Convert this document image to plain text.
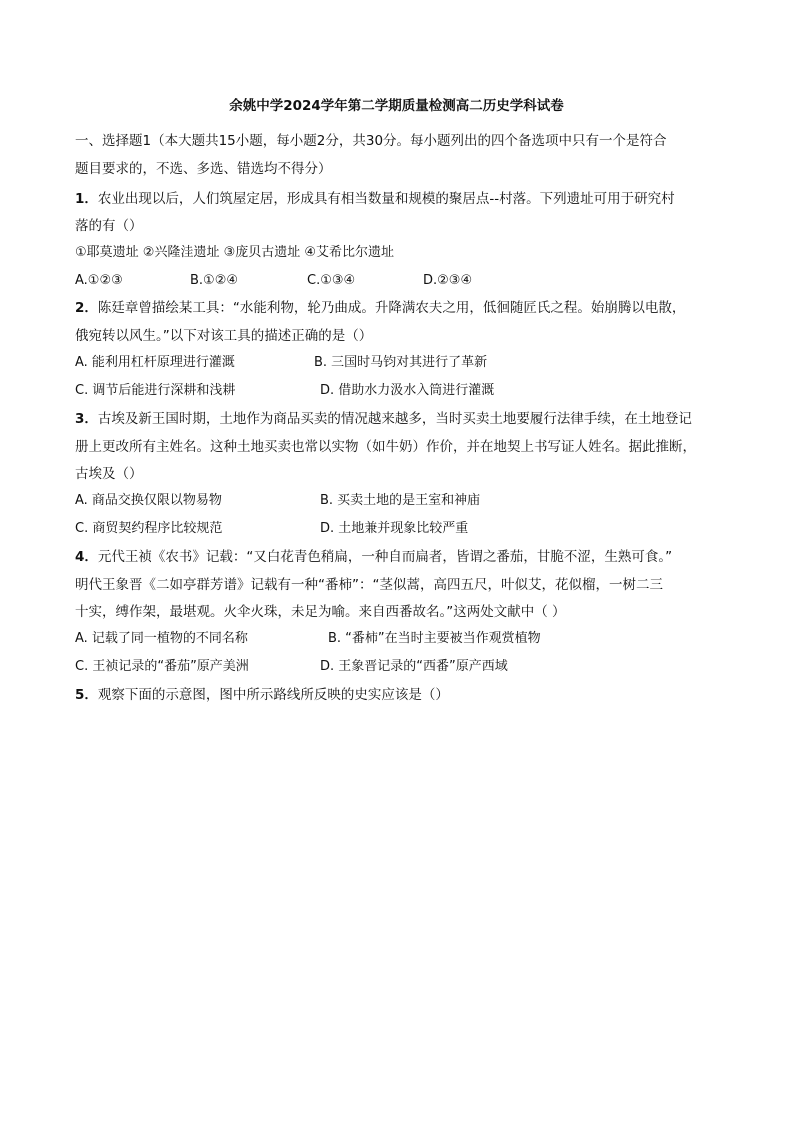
余姚中学2024学年第二学期质量检测高二历史学科试卷
一、选择题1（本大题共15小题，每小题2分，共30分。每小题列出的四个备选项中只有一个是符合
题目要求的，不选、多选、错选均不得分）
1．农业出现以后，人们筑屋定居，形成具有相当数量和规模的聚居点--村落。下列遗址可用于研究村
落的有（）
①耶莫遗址 ②兴隆洼遗址 ③庞贝古遗址 ④艾希比尔遗址
A.①②③	B.①②④	C.①③④	D.②③④
2．陈廷章曾描绘某工具：“水能利物，轮乃曲成。升降满农夫之用，低徊随匠氏之程。始崩腾以电散，
俄宛转以风生。”以下对该工具的描述正确的是（）
A. 能利用杠杆原理进行灌溉	B. 三国时马钧对其进行了革新
C. 调节后能进行深耕和浅耕	D. 借助水力汲水入筒进行灌溉
3．古埃及新王国时期，土地作为商品买卖的情况越来越多，当时买卖土地要履行法律手续，在土地登记
册上更改所有主姓名。这种土地买卖也常以实物（如牛奶）作价，并在地契上书写证人姓名。据此推断，
古埃及（）
A. 商品交换仅限以物易物	B. 买卖土地的是王室和神庙
C. 商贸契约程序比较规范	D. 土地兼并现象比较严重
4．元代王祯《农书》记载：“又白花青色稍扁，一种自而扁者，皆谓之番茄，甘脆不涩，生熟可食。”
明代王象晋《二如亭群芳谱》记载有一种“番柿”：“茎似蒿，高四五尺，叶似艾，花似榴，一树二三
十实，缚作架，最堪观。火伞火珠，未足为喻。来自西番故名。”这两处文献中（ ）
A. 记载了同一植物的不同名称	B. “番柿”在当时主要被当作观赏植物
C. 王祯记录的“番茄”原产美洲	D. 王象晋记录的“西番”原产西域
5．观察下面的示意图，图中所示路线所反映的史实应该是（）
